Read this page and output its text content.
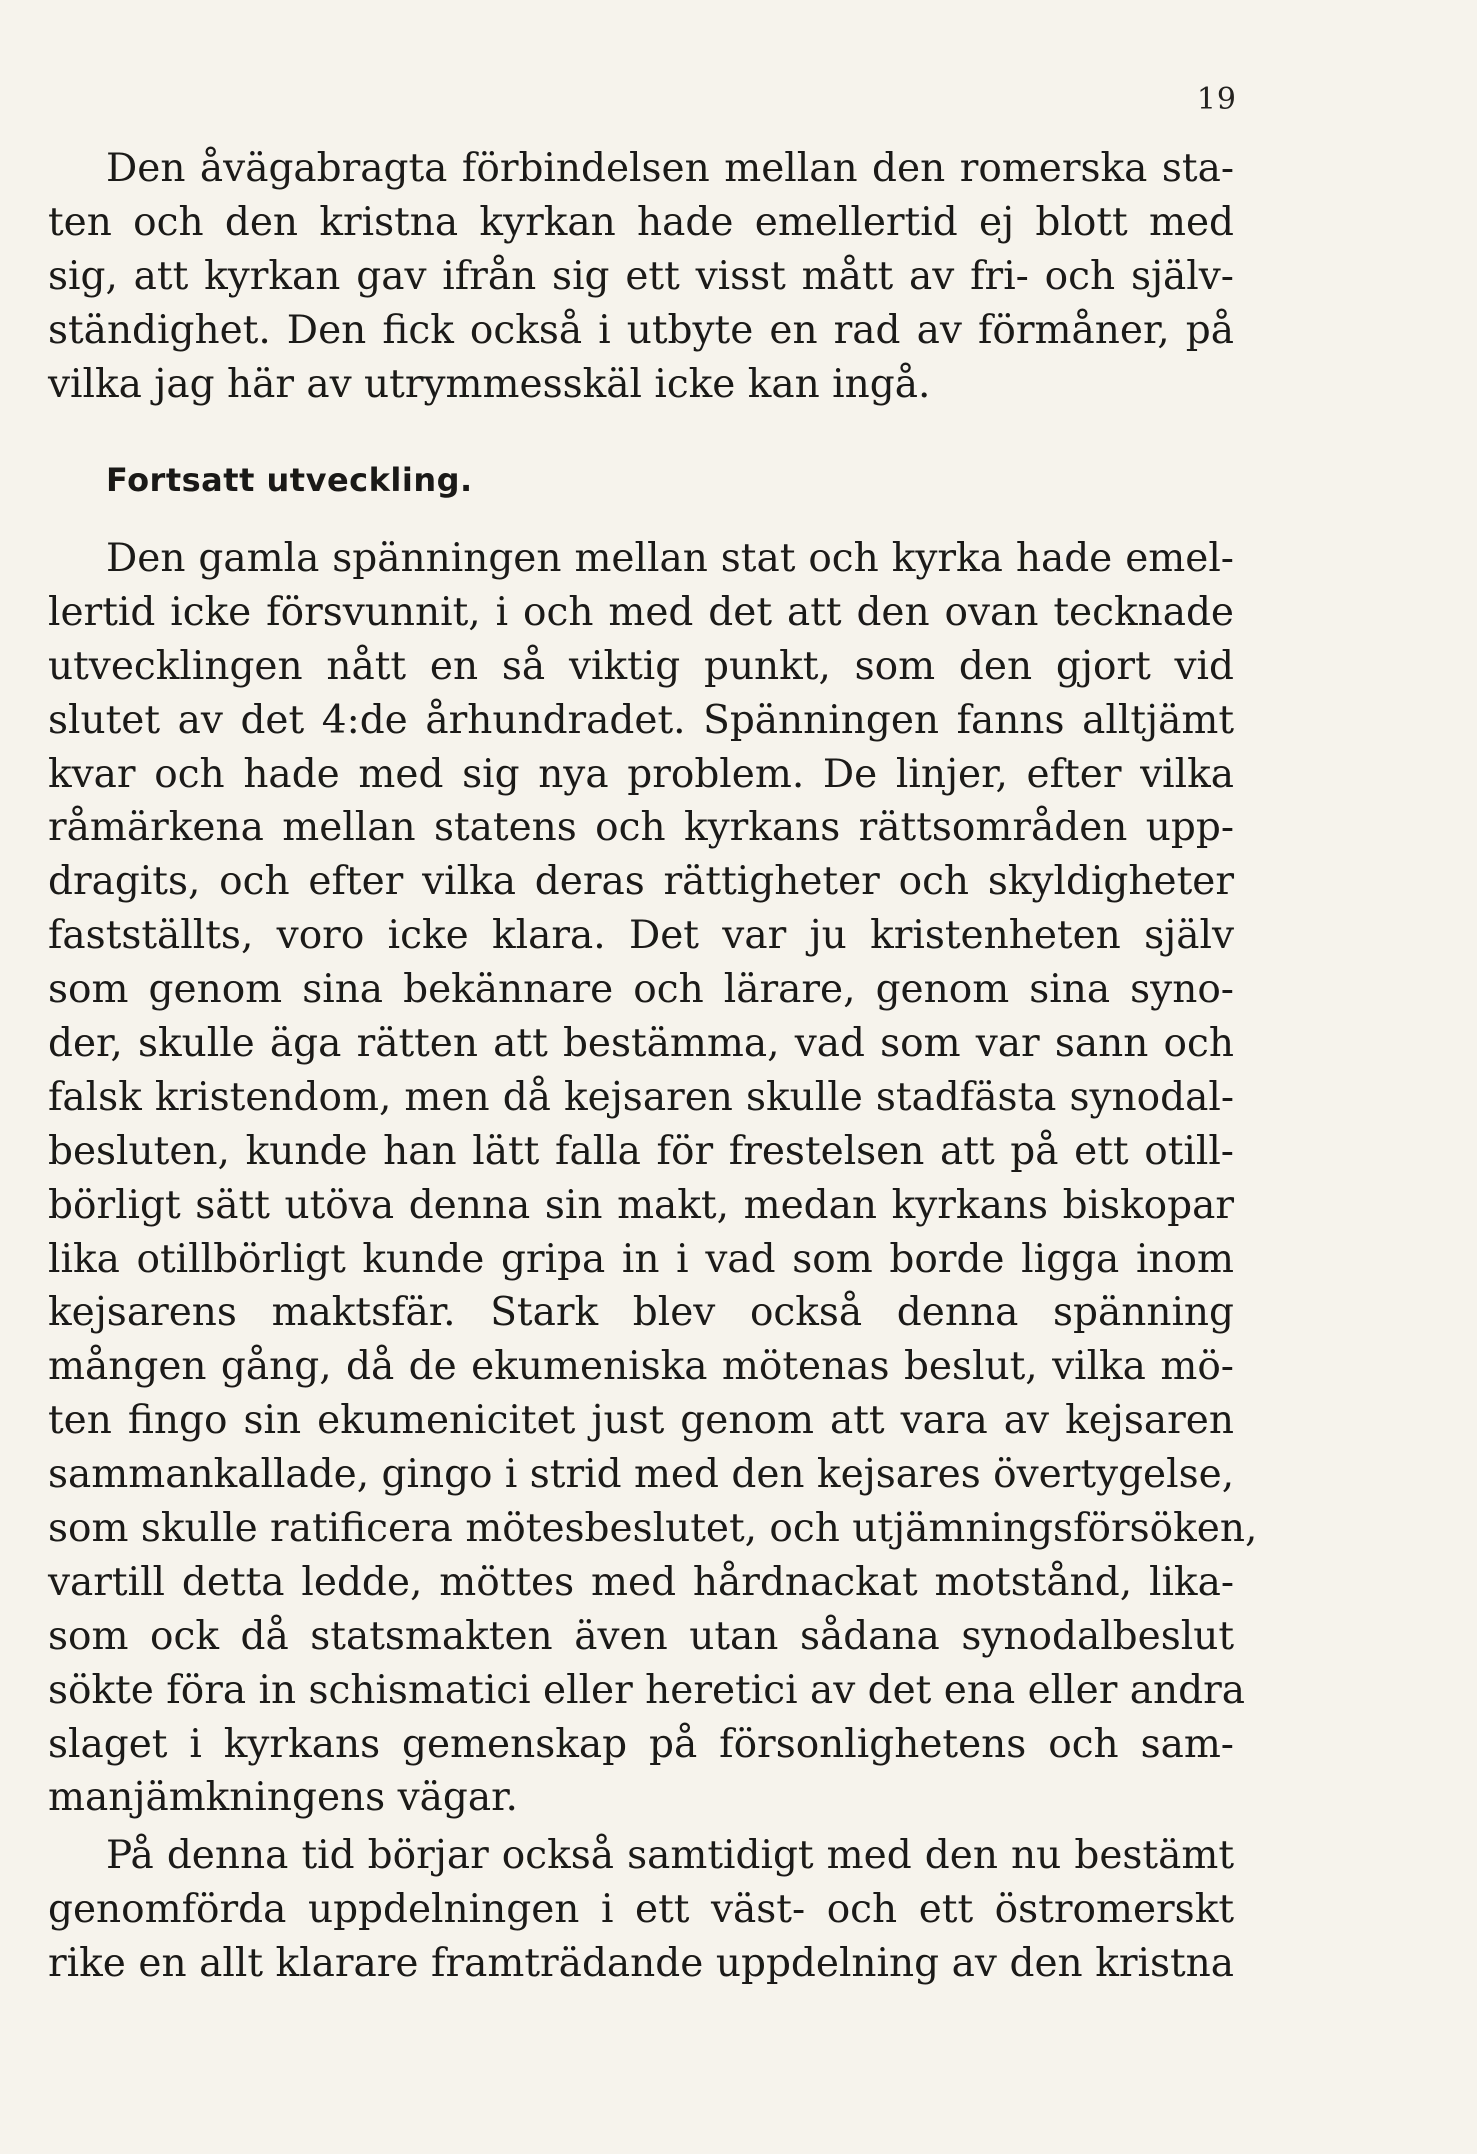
19
Den åvägabragta förbindelsen mellan den romerska sta-
ten och den kristna kyrkan hade emellertid ej blott med
sig, att kyrkan gav ifrån sig ett visst mått av fri- och själv-
ständighet. Den fick också i utbyte en rad av förmåner, på
vilka jag här av utrymmesskäl icke kan ingå.
Fortsatt utveckling.
Den gamla spänningen mellan stat och kyrka hade emel-
lertid icke försvunnit, i och med det att den ovan tecknade
utvecklingen nått en så viktig punkt, som den gjort vid
slutet av det 4:de århundradet. Spänningen fanns alltjämt
kvar och hade med sig nya problem. De linjer, efter vilka
råmärkena mellan statens och kyrkans rättsområden upp-
dragits, och efter vilka deras rättigheter och skyldigheter
fastställts, voro icke klara. Det var ju kristenheten själv
som genom sina bekännare och lärare, genom sina syno-
der, skulle äga rätten att bestämma, vad som var sann och
falsk kristendom, men då kejsaren skulle stadfästa synodal-
besluten, kunde han lätt falla för frestelsen att på ett otill-
börligt sätt utöva denna sin makt, medan kyrkans biskopar
lika otillbörligt kunde gripa in i vad som borde ligga inom
kejsarens maktsfär. Stark blev också denna spänning
mången gång, då de ekumeniska mötenas beslut, vilka mö-
ten fingo sin ekumenicitet just genom att vara av kejsaren
sammankallade, gingo i strid med den kejsares övertygelse,
som skulle ratificera mötesbeslutet, och utjämningsförsöken,
vartill detta ledde, möttes med hårdnackat motstånd, lika-
som ock då statsmakten även utan sådana synodalbeslut
sökte föra in schismatici eller heretici av det ena eller andra
slaget i kyrkans gemenskap på försonlighetens och sam-
manjämkningens vägar.
På denna tid börjar också samtidigt med den nu bestämt
genomförda uppdelningen i ett väst- och ett östromerskt
rike en allt klarare framträdande uppdelning av den kristna
